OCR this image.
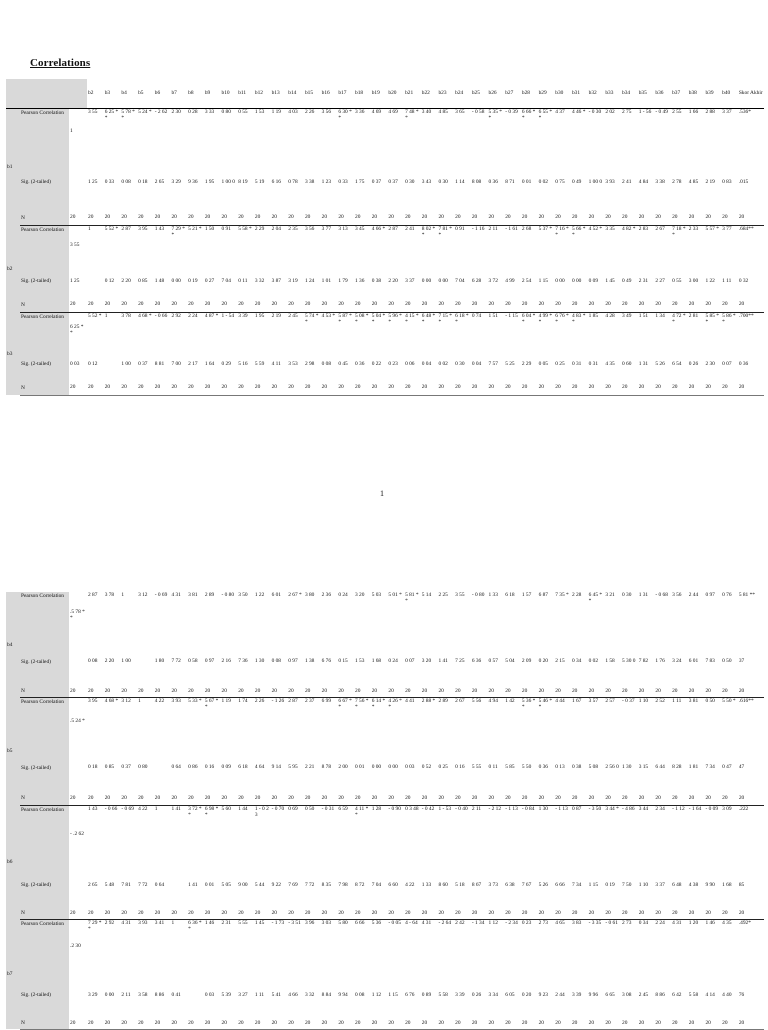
Correlations
			b2	b3	b4	b5	b6	b7	b8	b9	b10	b11	b12	b13	b14	b15	b16	b17	b18	b19	b20	b21	b22	b23	b24	b25	b26	b27	b28	b29	b30	b31	b32	b33	b34	b35	b36	b37	b38	b39	b40	Skor Akhir	
b1	Pearson Correlation	1	3 55	6 25 **	5 78 **	5 24 *	- 2 62	2 30	0 28	3 33	0 80	0 55	1 53	1 19	4 03	2 26	3 56	6 30 **	3 36	4 69	4 69	7 48 **	3 40	4 85	3 65	- 0 58	5 35 **	- 0 39	6 66 **	6 55 **	4 37	4 46 *	- 0 30	2 02	2 75	1 - 56	- 0 49	2 55	1 66	2 88	3 37	.536*	
	Sig. (2-tailed)		1 25	0 33	0 08	0 18	2 65	3 29	9 36	1 95	1 00 0	8 19	5 19	6 16	0 78	3 38	1 23	0 33	1 75	0 37	0 37	0 30	3 43	0 30	1 14	8 08	0 36	8 71	0 01	0 02	0 75	0 49	1 00 0	3 93	2 41	4 84	3 38	2 78	4 85	2 19	0 83	.015	
	N	20	20	20	20	20	20	20	20	20	20	20	20	20	20	20	20	20	20	20	20	20	20	20	20	20	20	20	20	20	20	20	20	20	20	20	20	20	20	20	20	20	
b2	Pearson Correlation	3 55	1	5 52 *	2 87	3 95	1 43	7 29 **	5 21 *	1 50	0 91	5 58 *	2 29	2 04	2 35	3 56	3 77	3 13	3 45	4 66 *	2 87	2 41	8 02 **	7 81 **	0 91	- 1 16	2 11	- 1 61	2 68	5 37 *	7 16 **	5 66 **	4 52 *	3 35	4 82 *	2 83	2 67	7 18 **	2 33	5 57 *	3 77	.684**	
	Sig. (2-tailed)	1 25		0 12	2 20	0 85	1 48	0 00	0 19	0 27	7 04	0 11	3 32	3 87	3 19	1 24	1 01	1 79	1 36	0 38	2 20	3 37	0 00	0 00	7 04	6 28	3 72	4 99	2 54	1 15	0 00	0 00	0 09	1 45	0 49	2 31	2 27	0 55	3 00	1 22	1 11	0 32	
	N	20	20	20	20	20	20	20	20	20	20	20	20	20	20	20	20	20	20	20	20	20	20	20	20	20	20	20	20	20	20	20	20	20	20	20	20	20	20	20	20	20	
b3	Pearson Correlation	6 25 **	5 52 *	1	3 78	4 68 *	- 0 66	2 92	2 24	4 87 *	1 - 54	3 39	1 95	2 19	2 45	5 74 **	4 53 *	5 87 **	5 08 **	5 04 **	5 96 **	4 15 **	6 48 **	7 15 **	6 18 **	0 74	1 51	- 1 15	6 04 **	4 99 **	6 76 **	4 83 **	1 85	4 28	3 49	1 51	1 34	4 72 **	2 81	5 85 **	5 86 **	.700**	
	Sig. (2-tailed)	0 03	0 12		1 00	0 37	8 81	7 00	2 17	1 64	0 29	5 16	5 59	4 11	3 53	2 98	0 08	0 45	0 36	0 22	0 23	0 06	0 04	0 02	0 30	0 04	7 57	5 25	2 29	0 05	0 25	0 31	0 31	4 35	0 60	1 31	5 26	6 54	0 26	2 30	0 07	0 36	
	N	20	20	20	20	20	20	20	20	20	20	20	20	20	20	20	20	20	20	20	20	20	20	20	20	20	20	20	20	20	20	20	20	20	20	20	20	20	20	20	20	20	
1
b4	Pearson Correlation	.5 78 **	2 87	3 78	1	3 12	- 0 69	4 31	3 81	2 89	- 0 80	3 50	1 22	6 01	2 67 *	3 80	2 36	0 24	3 20	5 03	5 01 *	5 81 **	5 14	2 25	3 55	- 0 80	1 33	6 18	1 57	6 87	7 35 *	2 28	6 45 **	3 21	0 30	1 31	- 0 68	3 56	2 44	0 97	0 76	5 81 **	
	Sig. (2-tailed)		0 08	2 20	1 00		1 80	7 72	0 58	0 97	2 16	7 36	1 30	0 08	0 97	1 38	6 76	0 15	1 53	1 68	0 24	0 07	3 20	1 41	7 25	6 36	0 57	5 04	2 09	0 20	2 15	0 34	0 02	1 58	5 30 0	7 82	1 76	3 24	6 01	7 83	0 50	37	
	N	20	20	20	20	20	20	20	20	20	20	20	20	20	20	20	20	20	20	20	20	20	20	20	20	20	20	20	20	20	20	20	20	20	20	20	20	20	20	20	20	20	
b5	Pearson Correlation	.5 24 *	3 95	4 68 *	3 12	1	4 22	3 93	5 33 *	5 67 **	1 19	1 74	2 26	- 1 26	2 87	2 37	6 99	6 67 **	7 56 **	6 14 **	4 26 **	4 41	2 88 *	2 89	2 67	5 56	4 94	1 42	5 36 **	5 46 **	4 44	1 67	3 57	2 57	- 0 37	1 10	2 52	1 11	3 81	0 50	5 50 *	.616**	
	Sig. (2-tailed)		0 18	0 85	0 37	0 80		0 64	0 86	0 16	0 09	6 18	4 64	9 14	5 95	2 21	8 78	2 00	0 01	0 00	0 00	0 03	0 52	0 25	0 16	5 55	0 11	5 85	5 50	0 36	0 13	0 38	5 08	2 56 0	1 30	3 15	6 44	8 28	1 81	7 34	0 47	47	
	N	20	20	20	20	20	20	20	20	20	20	20	20	20	20	20	20	20	20	20	20	20	20	20	20	20	20	20	20	20	20	20	20	20	20	20	20	20	20	20	20	20	
b6	Pearson Correlation	- .2 62	1 43	- 0 66	- 0 69	4 22	1	1 41	3 72 **	6 98 **	5 60	1 44	1 - 0 23	- 0 70	0 69	0 50	- 0 31	6 59	4 11 **	1 28	- 0 90	0 3 48	- 0 42	1 - 53	- 0 40	2 11	- 2 12	- 1 13	- 0 84	1 30	- 1 13	0 87	- 3 50	3 44 *	- 4 86	3 44	2 34	- 1 12	- 1 64	- 0 09	3 09	.222	
	Sig. (2-tailed)		2 65	5 48	7 81	7 72	0 64		1 41	0 01	5 05	9 00	5 44	9 22	7 69	7 72	8 35	7 98	8 72	7 04	6 60	4 22	1 33	8 60	5 18	8 67	3 73	6 38	7 67	5 26	6 66	7 34	1 15	0 19	7 50	1 10	3 37	6 48	4 38	9 90	1 68	85	
	N	20	20	20	20	20	20	20	20	20	20	20	20	20	20	20	20	20	20	20	20	20	20	20	20	20	20	20	20	20	20	20	20	20	20	20	20	20	20	20	20	20	
b7	Pearson Correlation	.2 30	7 29 **	2 92	4 31	3 93	3 41	1	6 36 **	1 46	2 31	5 55	1 45	- 1 73	- 3 51	3 96	3 03	5 80	6 66	5 36	- 0 05	4 - 64	4 31	- 2 64	2 42	- 1 34	1 12	- 2 34	0 23	2 73	4 65	3 83	- 3 35	- 0 61	2 73	0 34	2 24	4 31	1 20	1 46	4 35	.492*	
	Sig. (2-tailed)		3 29	0 00	2 11	3 58	8 86	0 41		0 03	5 39	3 27	1 11	5 41	4 66	3 32	8 84	9 94	0 08	1 12	1 15	6 76	0 89	5 58	3 39	0 26	3 34	6 05	0 20	9 23	2 44	3 39	9 96	6 65	3 08	2 45	8 86	6 42	5 58	4 14	4 40	76	
	N	20	20	20	20	20	20	20	20	20	20	20	20	20	20	20	20	20	20	20	20	20	20	20	20	20	20	20	20	20	20	20	20	20	20	20	20	20	20	20	20	20	
